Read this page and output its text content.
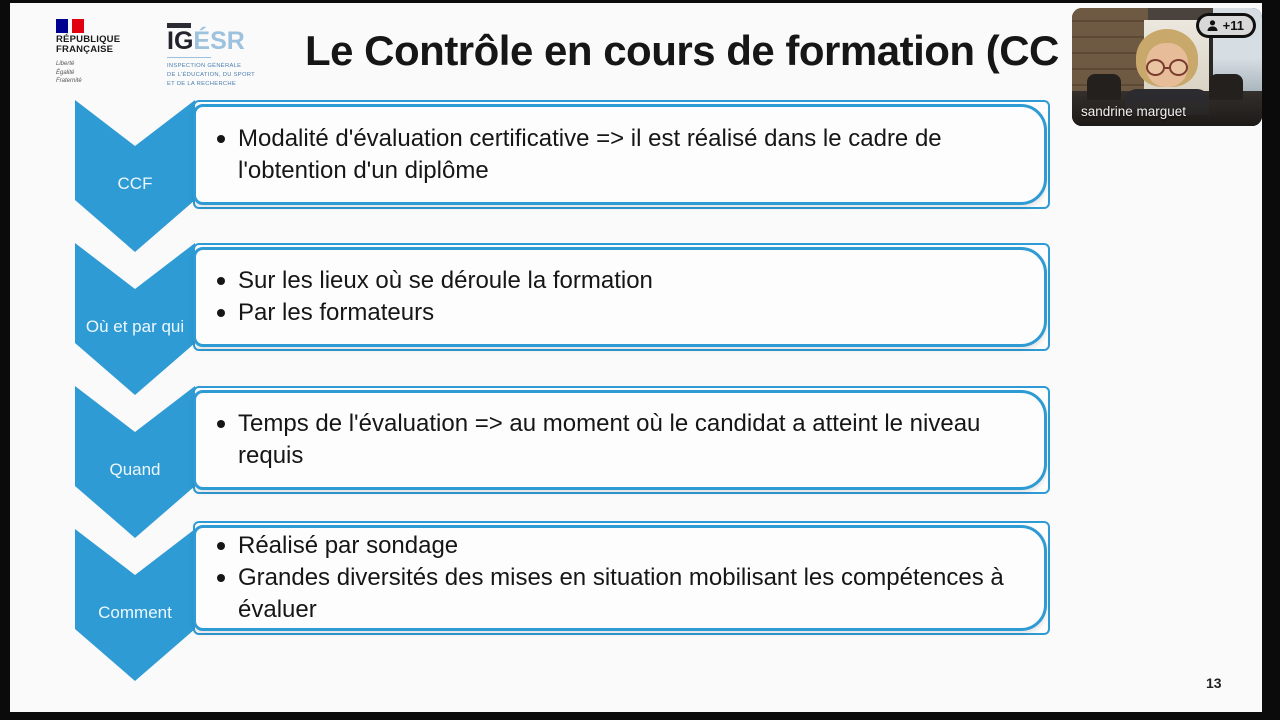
RÉPUBLIQUE
FRANÇAISE
Liberté
Égalité
Fraternité
IGÉSR
INSPECTION GÉNÉRALE
DE L'ÉDUCATION, DU SPORT
ET DE LA RECHERCHE
Le Contrôle en cours de formation (CC
CCF
Où et par qui
Quand
Comment
Modalité d'évaluation certificative => il est réalisé dans le cadre de l'obtention d'un diplôme
Sur les lieux où se déroule la formation
Par les formateurs
Temps de l'évaluation => au moment où le candidat a atteint le niveau requis
Réalisé par sondage
Grandes diversités des mises en situation mobilisant les compétences à évaluer
13
sandrine marguet
+11
